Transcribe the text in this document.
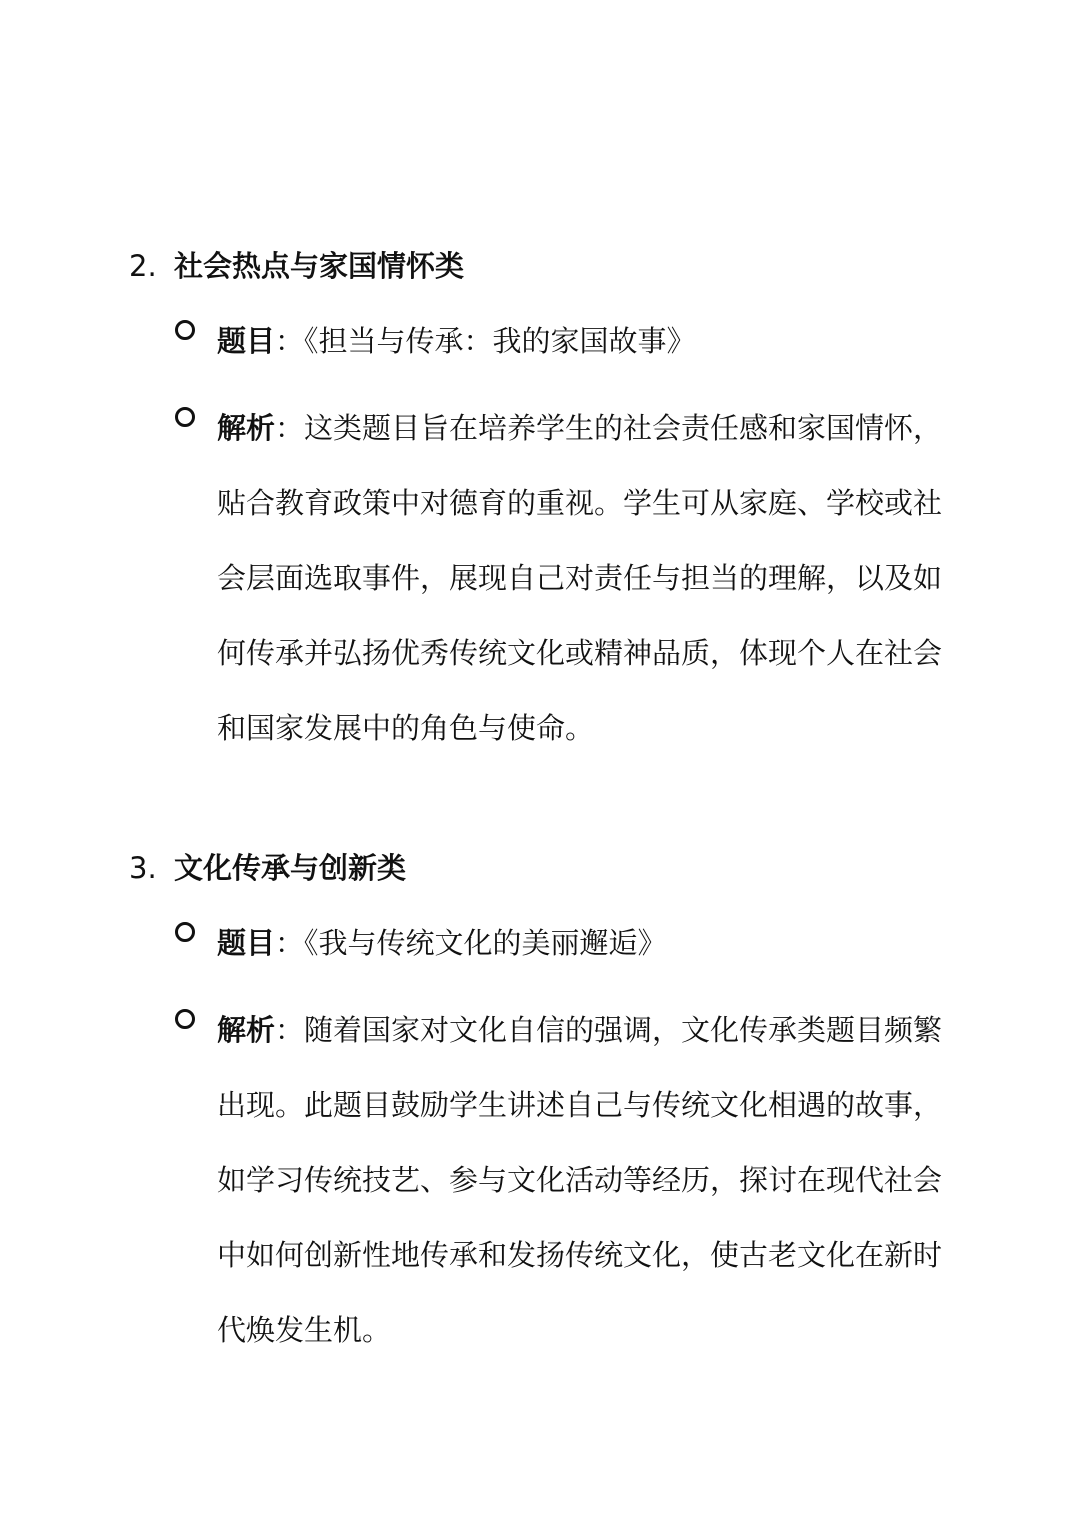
2. 社会热点与家国情怀类
题目：《担当与传承：我的家国故事》
解析：这类题目旨在培养学生的社会责任感和家国情怀，
贴合教育政策中对德育的重视。学生可从家庭、学校或社
会层面选取事件，展现自己对责任与担当的理解，以及如
何传承并弘扬优秀传统文化或精神品质，体现个人在社会
和国家发展中的角色与使命。
3. 文化传承与创新类
题目：《我与传统文化的美丽邂逅》
解析：随着国家对文化自信的强调，文化传承类题目频繁
出现。此题目鼓励学生讲述自己与传统文化相遇的故事，
如学习传统技艺、参与文化活动等经历，探讨在现代社会
中如何创新性地传承和发扬传统文化，使古老文化在新时
代焕发生机。
